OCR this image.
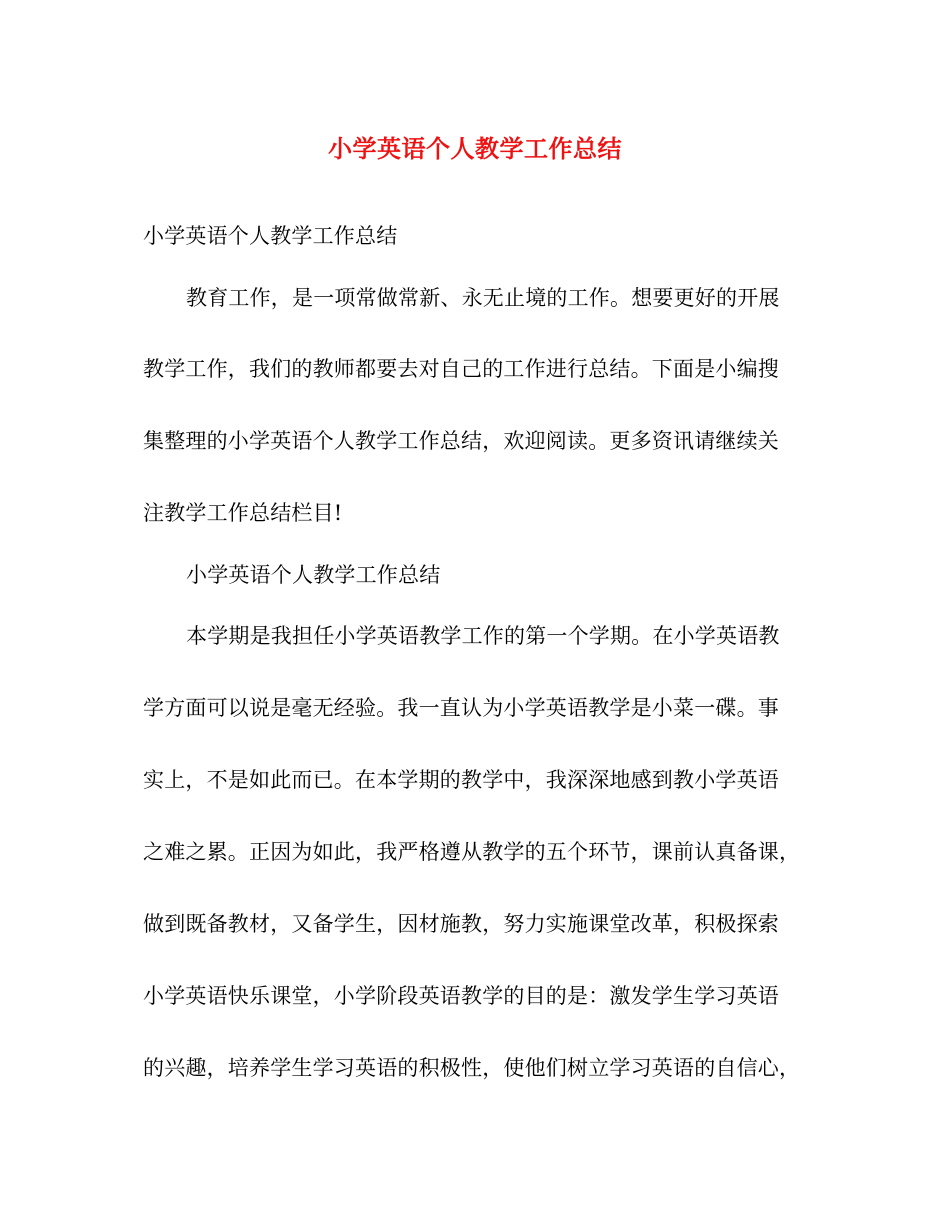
小学英语个人教学工作总结
小学英语个人教学工作总结
教育工作，是一项常做常新、永无止境的工作。想要更好的开展
教学工作，我们的教师都要去对自己的工作进行总结。下面是小编搜
集整理的小学英语个人教学工作总结，欢迎阅读。更多资讯请继续关
注教学工作总结栏目!
小学英语个人教学工作总结
本学期是我担任小学英语教学工作的第一个学期。在小学英语教
学方面可以说是毫无经验。我一直认为小学英语教学是小菜一碟。事
实上，不是如此而已。在本学期的教学中，我深深地感到教小学英语
之难之累。正因为如此，我严格遵从教学的五个环节，课前认真备课，
做到既备教材，又备学生，因材施教，努力实施课堂改革，积极探索
小学英语快乐课堂，小学阶段英语教学的目的是：激发学生学习英语
的兴趣，培养学生学习英语的积极性，使他们树立学习英语的自信心，
